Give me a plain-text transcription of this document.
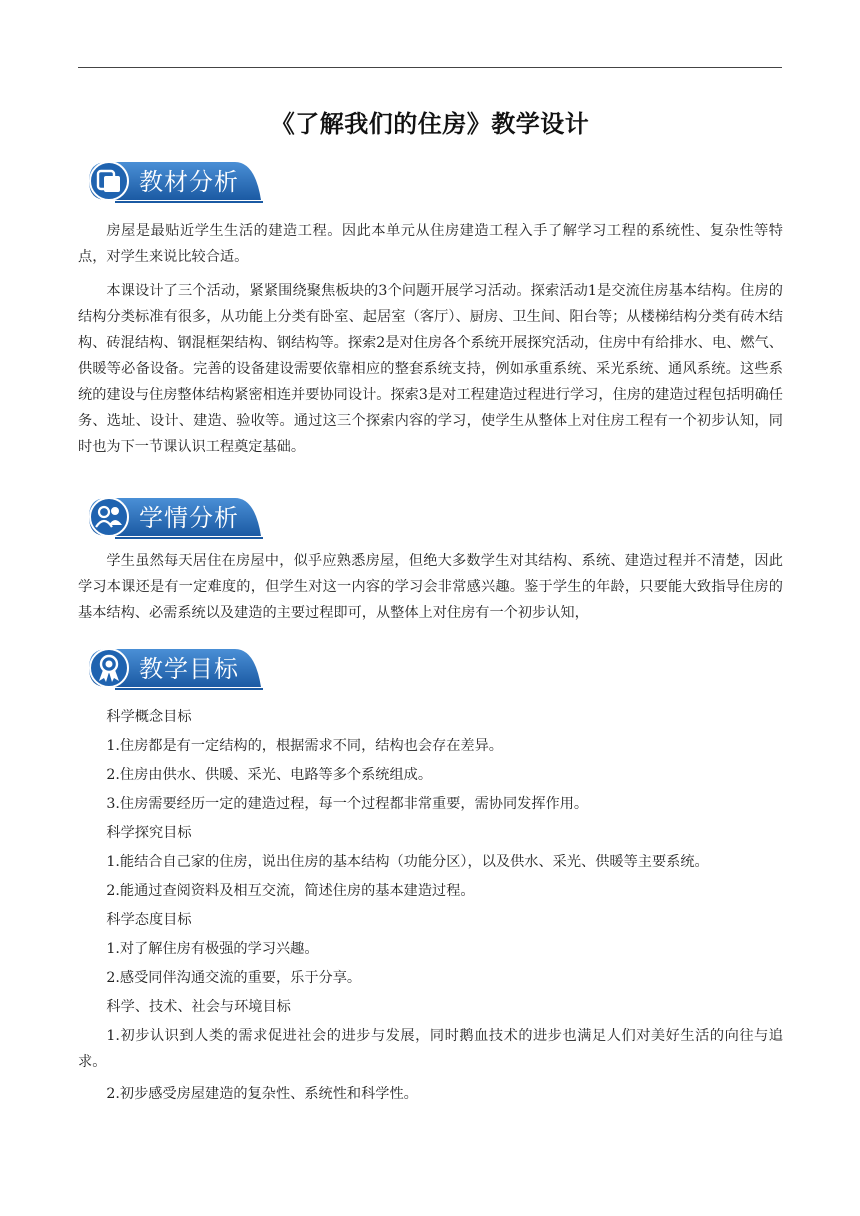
《了解我们的住房》教学设计
教材分析
房屋是最贴近学生生活的建造工程。因此本单元从住房建造工程入手了解学习工程的系统性、复杂性等特点，对学生来说比较合适。
本课设计了三个活动，紧紧围绕聚焦板块的3个问题开展学习活动。探索活动1是交流住房基本结构。住房的结构分类标准有很多，从功能上分类有卧室、起居室（客厅）、厨房、卫生间、阳台等；从楼梯结构分类有砖木结构、砖混结构、钢混框架结构、钢结构等。探索2是对住房各个系统开展探究活动，住房中有给排水、电、燃气、供暖等必备设备。完善的设备建设需要依靠相应的整套系统支持，例如承重系统、采光系统、通风系统。这些系统的建设与住房整体结构紧密相连并要协同设计。探索3是对工程建造过程进行学习，住房的建造过程包括明确任务、选址、设计、建造、验收等。通过这三个探索内容的学习，使学生从整体上对住房工程有一个初步认知，同时也为下一节课认识工程奠定基础。
学情分析
学生虽然每天居住在房屋中，似乎应熟悉房屋，但绝大多数学生对其结构、系统、建造过程并不清楚，因此学习本课还是有一定难度的，但学生对这一内容的学习会非常感兴趣。鉴于学生的年龄，只要能大致指导住房的基本结构、必需系统以及建造的主要过程即可，从整体上对住房有一个初步认知，
教学目标
科学概念目标
1.住房都是有一定结构的，根据需求不同，结构也会存在差异。
2.住房由供水、供暖、采光、电路等多个系统组成。
3.住房需要经历一定的建造过程，每一个过程都非常重要，需协同发挥作用。
科学探究目标
1.能结合自己家的住房，说出住房的基本结构（功能分区），以及供水、采光、供暖等主要系统。
2.能通过查阅资料及相互交流，简述住房的基本建造过程。
科学态度目标
1.对了解住房有极强的学习兴趣。
2.感受同伴沟通交流的重要，乐于分享。
科学、技术、社会与环境目标
1.初步认识到人类的需求促进社会的进步与发展，同时鹅血技术的进步也满足人们对美好生活的向往与追求。
2.初步感受房屋建造的复杂性、系统性和科学性。
